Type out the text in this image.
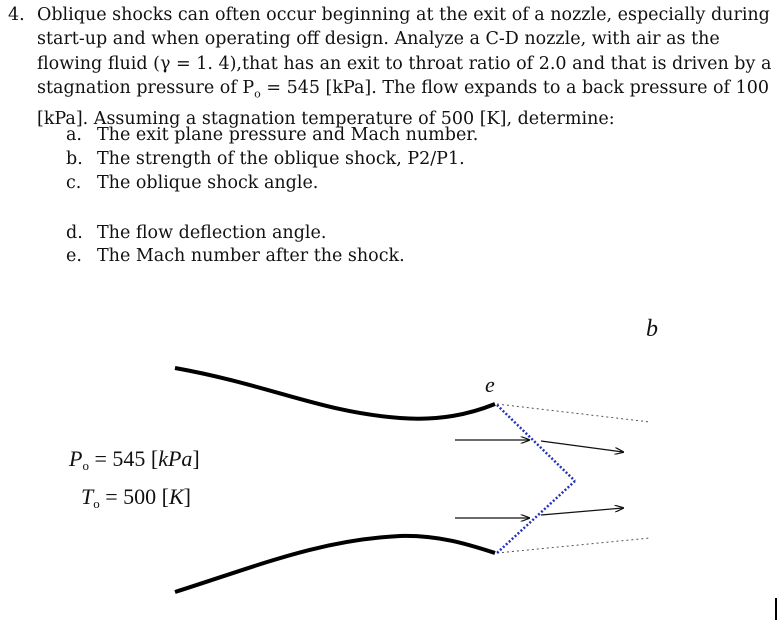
4. Oblique shocks can often occur beginning at the exit of a nozzle, especially during start-up and when operating off design. Analyze a C-D nozzle, with air as the flowing fluid (γ = 1. 4),that has an exit to throat ratio of 2.0 and that is driven by a stagnation pressure of $P_o = 545$ [kPa]. The flow expands to a back pressure of 100 [kPa]. Assuming a stagnation temperature of 500 [K], determine:
a. The exit plane pressure and Mach number.
b. The strength of the oblique shock, P2/P1.
c. The oblique shock angle.
d. The flow deflection angle.
e. The Mach number after the shock.
b
e
Po = 545 [kPa]
To = 500 [K]
